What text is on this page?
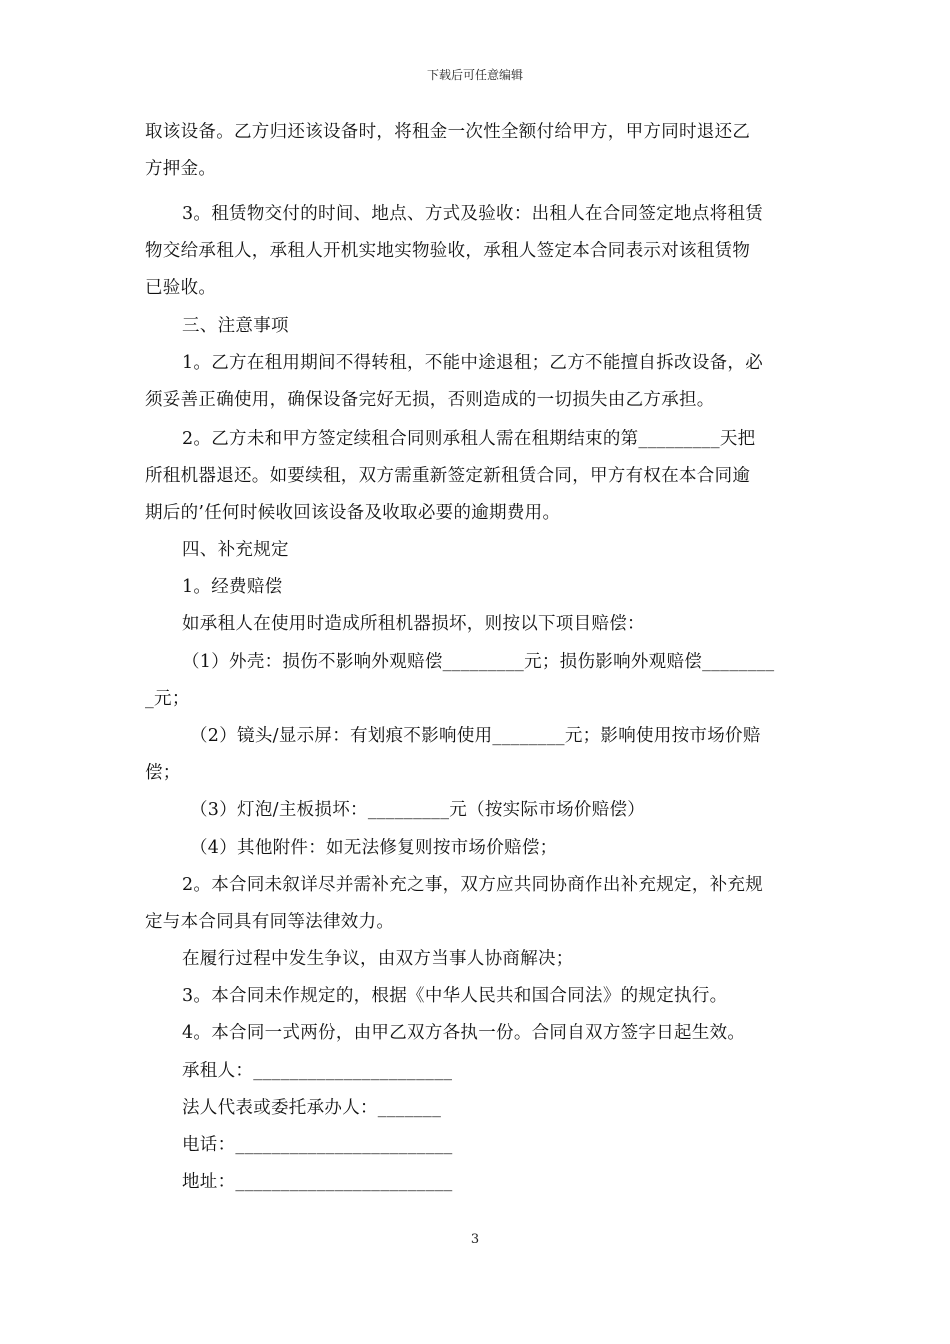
下载后可任意编辑
取该设备。乙方归还该设备时，将租金一次性全额付给甲方，甲方同时退还乙
方押金。
3。租赁物交付的时间、地点、方式及验收：出租人在合同签定地点将租赁
物交给承租人，承租人开机实地实物验收，承租人签定本合同表示对该租赁物
已验收。
三、注意事项
1。乙方在租用期间不得转租，不能中途退租；乙方不能擅自拆改设备，必
须妥善正确使用，确保设备完好无损，否则造成的一切损失由乙方承担。
2。乙方未和甲方签定续租合同则承租人需在租期结束的第_________天把
所租机器退还。如要续租，双方需重新签定新租赁合同，甲方有权在本合同逾
期后的’任何时候收回该设备及收取必要的逾期费用。
四、补充规定
1。经费赔偿
如承租人在使用时造成所租机器损坏，则按以下项目赔偿：
（1）外壳：损伤不影响外观赔偿_________元；损伤影响外观赔偿________
_元；
（2）镜头/显示屏：有划痕不影响使用________元；影响使用按市场价赔
偿；
（3）灯泡/主板损坏：_________元（按实际市场价赔偿）
（4）其他附件：如无法修复则按市场价赔偿；
2。本合同未叙详尽并需补充之事，双方应共同协商作出补充规定，补充规
定与本合同具有同等法律效力。
在履行过程中发生争议，由双方当事人协商解决；
3。本合同未作规定的，根据《中华人民共和国合同法》的规定执行。
4。本合同一式两份，由甲乙双方各执一份。合同自双方签字日起生效。
承租人：______________________
法人代表或委托承办人：_______
电话：________________________
地址：________________________
3
